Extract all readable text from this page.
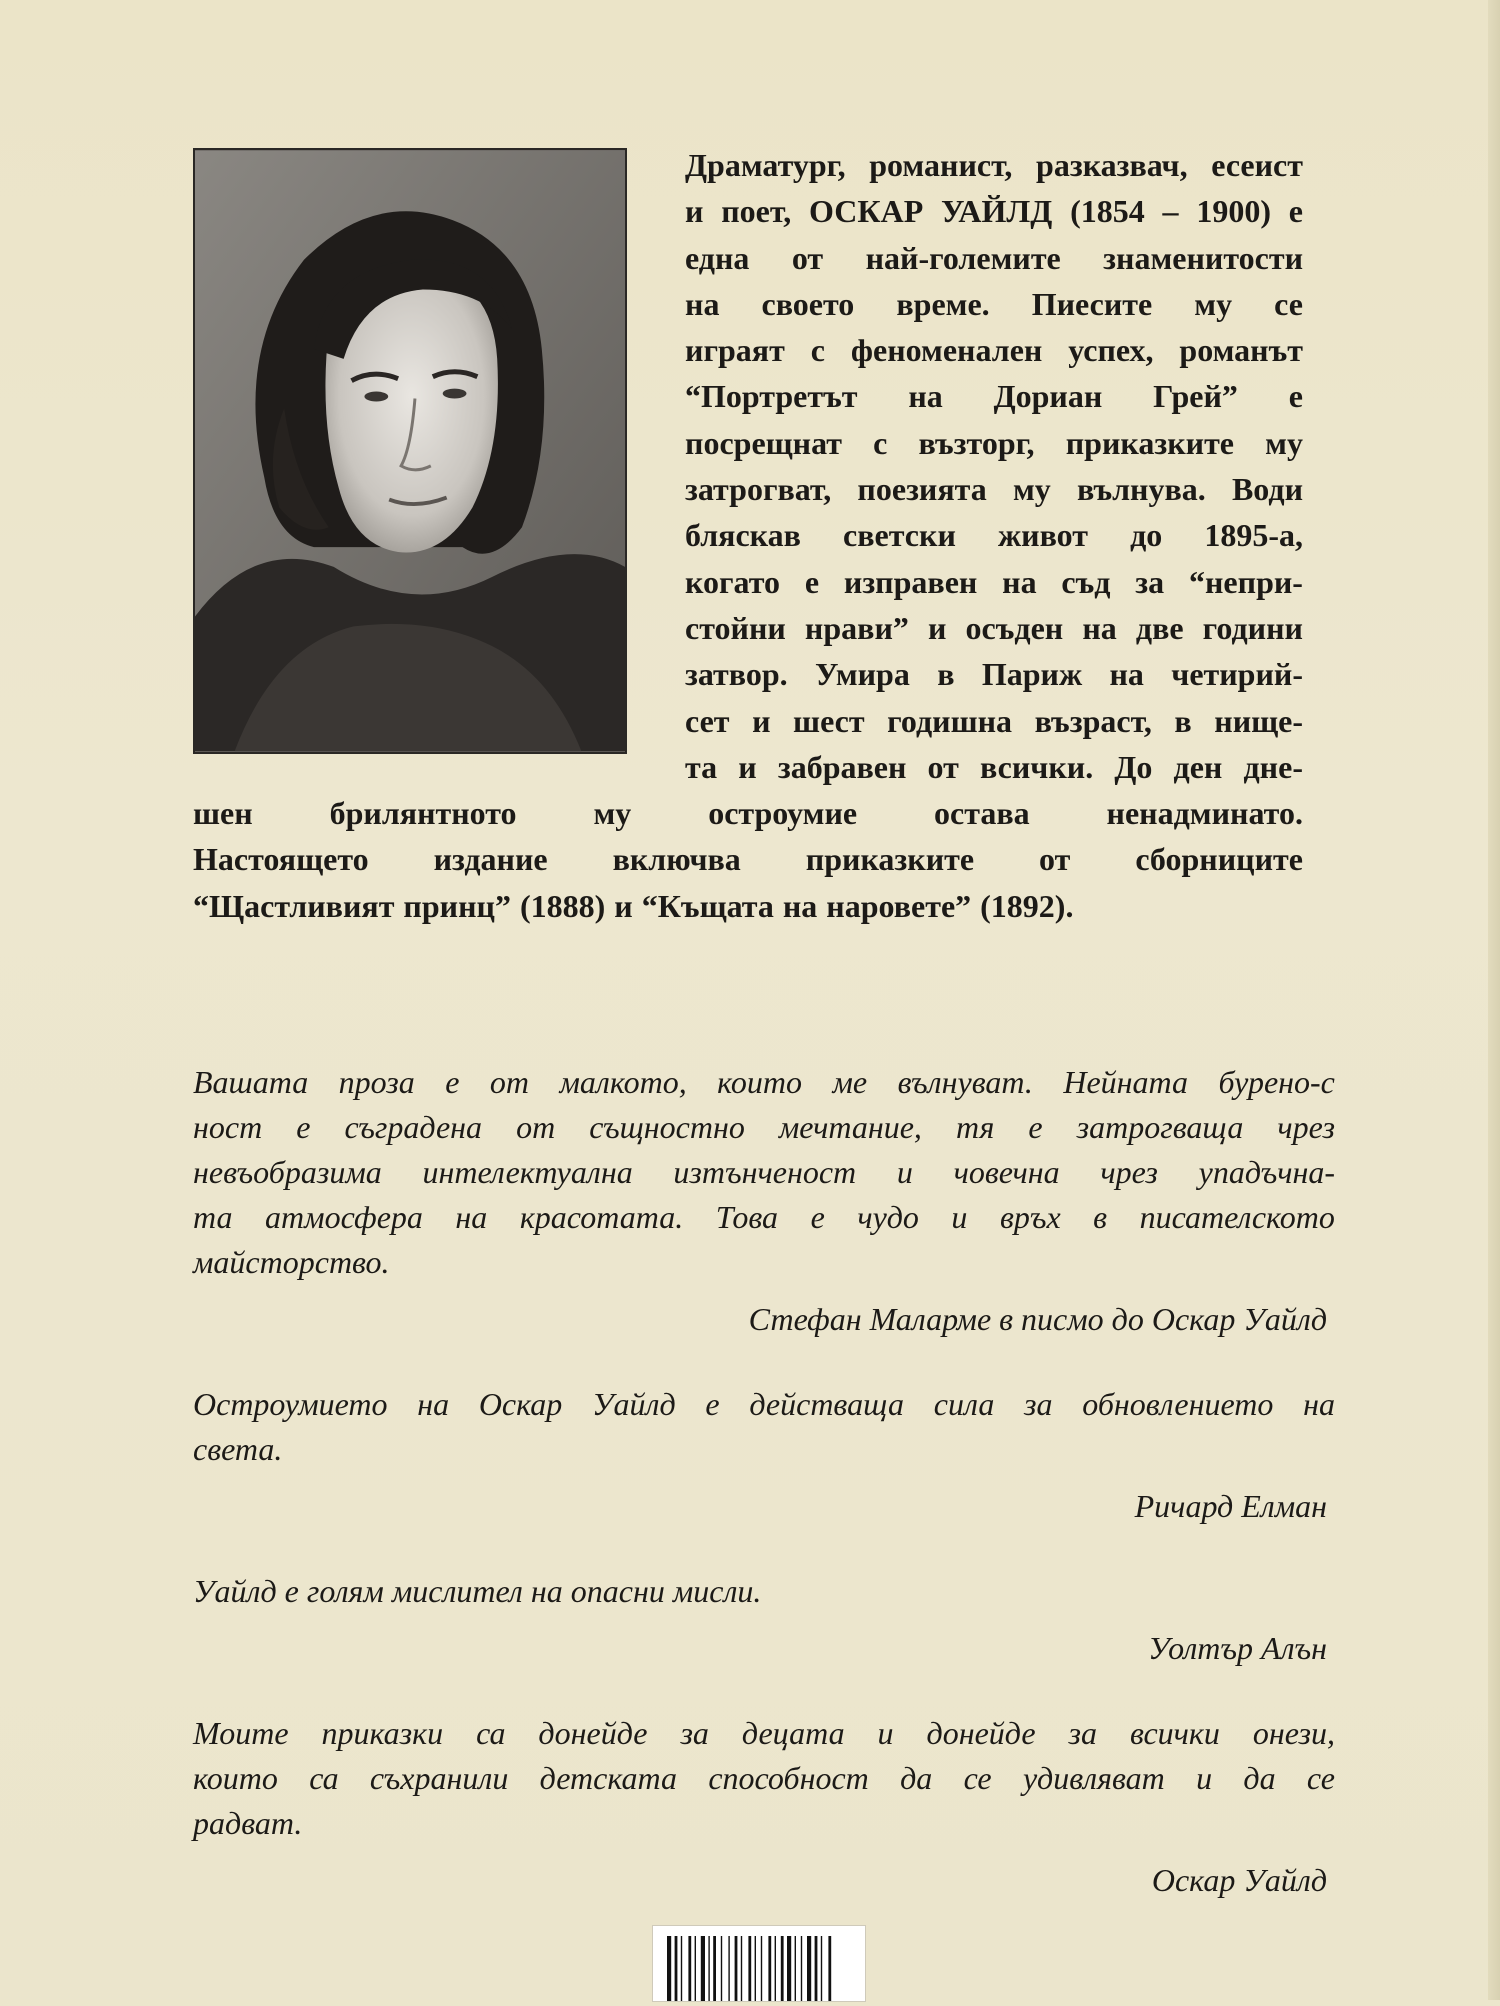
Драматург, романист, разказвач, есеист
и поет, ОСКАР УАЙЛД (1854 – 1900) е
една от най-големите знаменитости
на своето време. Пиесите му се
играят с феноменален успех, романът
“Портретът на Дориан Грей” е
посрещнат с възторг, приказките му
затрогват, поезията му вълнува. Води
бляскав светски живот до 1895-а,
когато е изправен на съд за “непри-
стойни нрави” и осъден на две години
затвор. Умира в Париж на четирий-
сет и шест годишна възраст, в нище-
та и забравен от всички. До ден дне-
шен брилянтното му остроумие остава ненадминато.
Настоящето издание включва приказките от сборниците
“Щастливият принц” (1888) и “Къщата на наровете” (1892).
Вашата проза е от малкото, които ме вълнуват. Нейната бурено-с
ност е съградена от същностно мечтание, тя е затрогваща чрез
невъобразима интелектуална изтънченост и човечна чрез упадъчна-
та атмосфера на красотата. Това е чудо и връх в писателското
майсторство.
Стефан Маларме в писмо до Оскар Уайлд
Остроумието на Оскар Уайлд е действаща сила за обновлението на
света.
Ричард Елман
Уайлд е голям мислител на опасни мисли.
Уолтър Алън
Моите приказки са донейде за децата и донейде за всички онези,
които са съхранили детската способност да се удивляват и да се
радват.
Оскар Уайлд
